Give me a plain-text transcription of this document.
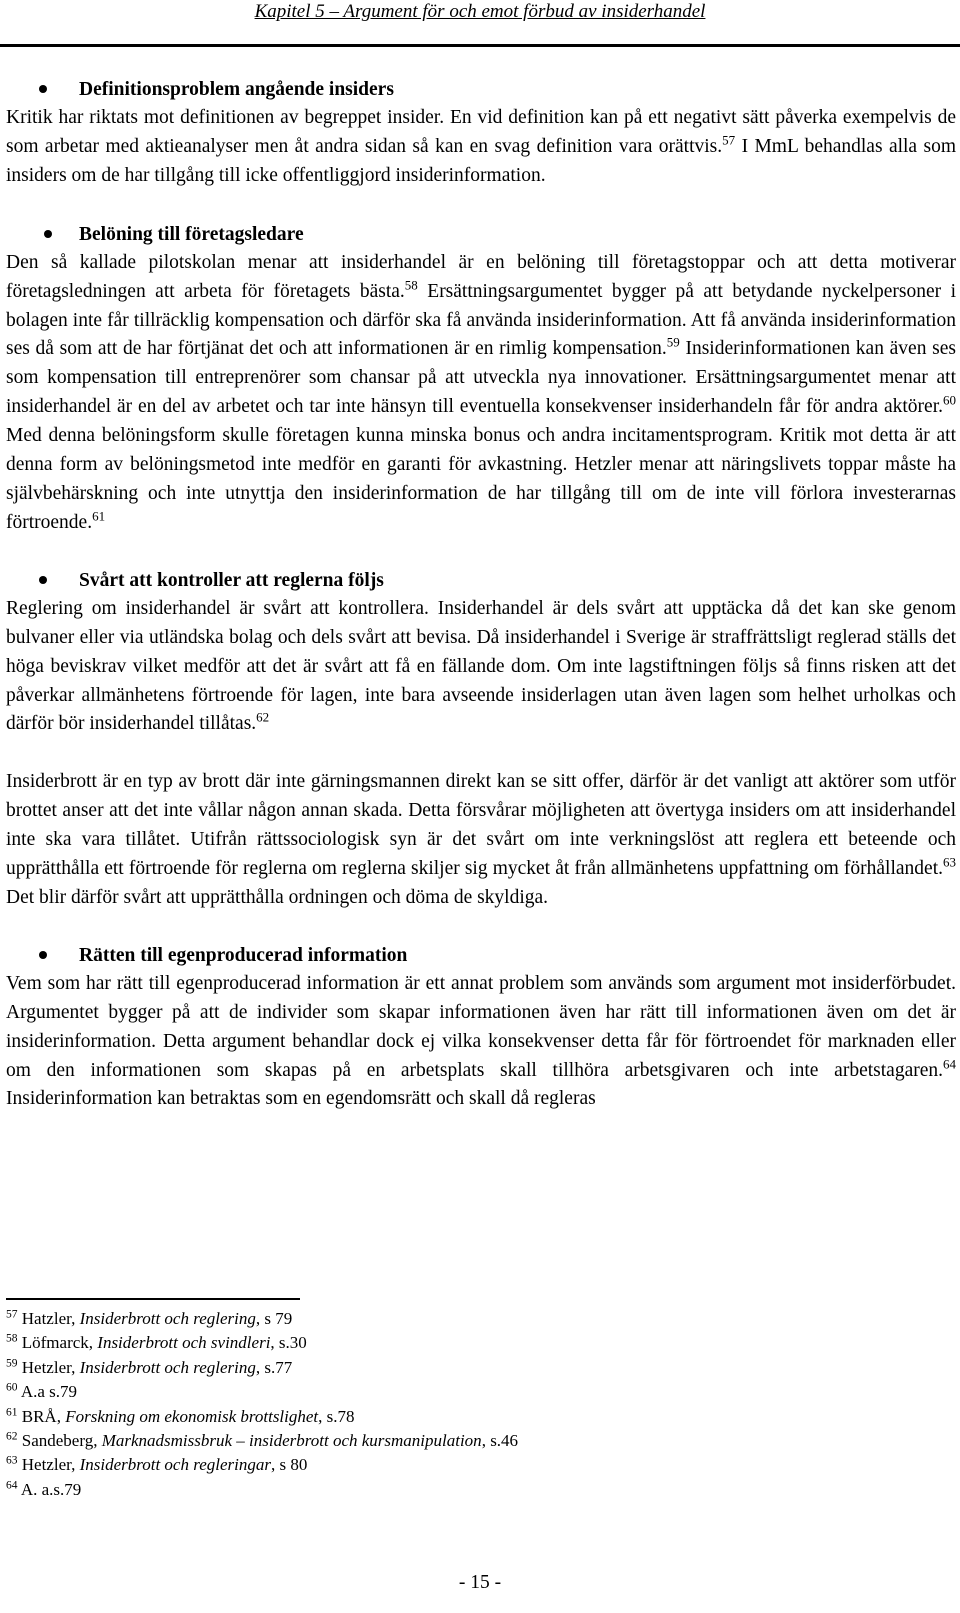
Kapitel 5 – Argument för och emot förbud av insiderhandel
Definitionsproblem angående insiders

Kritik har riktats mot definitionen av begreppet insider. En vid definition kan på ett negativt sätt påverka exempelvis de som arbetar med aktieanalyser men åt andra sidan så kan en svag definition vara orättvis.$^{57}$ I MmL behandlas alla som insiders om de har tillgång till icke offentliggjord insiderinformation.

Belöning till företagsledare

Den så kallade pilotskolan menar att insiderhandel är en belöning till företagstoppar och att detta motiverar företagsledningen att arbeta för företagets bästa.$^{58}$ Ersättningsargumentet bygger på att betydande nyckelpersoner i bolagen inte får tillräcklig kompensation och därför ska få använda insiderinformation. Att få använda insiderinformation ses då som att de har förtjänat det och att informationen är en rimlig kompensation.$^{59}$ Insiderinformationen kan även ses som kompensation till entreprenörer som chansar på att utveckla nya innovationer. Ersättningsargumentet menar att insiderhandel är en del av arbetet och tar inte hänsyn till eventuella konsekvenser insiderhandeln får för andra aktörer.$^{60}$ Med denna belöningsform skulle företagen kunna minska bonus och andra incitamentsprogram. Kritik mot detta är att denna form av belöningsmetod inte medför en garanti för avkastning. Hetzler menar att näringslivets toppar måste ha självbehärskning och inte utnyttja den insiderinformation de har tillgång till om de inte vill förlora investerarnas förtroende.$^{61}$

Svårt att kontroller att reglerna följs

Reglering om insiderhandel är svårt att kontrollera. Insiderhandel är dels svårt att upptäcka då det kan ske genom bulvaner eller via utländska bolag och dels svårt att bevisa. Då insiderhandel i Sverige är straffrättsligt reglerad ställs det höga beviskrav vilket medför att det är svårt att få en fällande dom. Om inte lagstiftningen följs så finns risken att det påverkar allmänhetens förtroende för lagen, inte bara avseende insiderlagen utan även lagen som helhet urholkas och därför bör insiderhandel tillåtas.$^{62}$

Insiderbrott är en typ av brott där inte gärningsmannen direkt kan se sitt offer, därför är det vanligt att aktörer som utför brottet anser att det inte vållar någon annan skada. Detta försvårar möjligheten att övertyga insiders om att insiderhandel inte ska vara tillåtet. Utifrån rättssociologisk syn är det svårt om inte verkningslöst att reglera ett beteende och upprätthålla ett förtroende för reglerna om reglerna skiljer sig mycket åt från allmänhetens uppfattning om förhållandet.$^{63}$ Det blir därför svårt att upprätthålla ordningen och döma de skyldiga.

Rätten till egenproducerad information

Vem som har rätt till egenproducerad information är ett annat problem som används som argument mot insiderförbudet. Argumentet bygger på att de individer som skapar informationen även har rätt till informationen även om det är insiderinformation. Detta argument behandlar dock ej vilka konsekvenser detta får för förtroendet för marknaden eller om den informationen som skapas på en arbetsplats skall tillhöra arbetsgivaren och inte arbetstagaren.$^{64}$ Insiderinformation kan betraktas som en egendomsrätt och skall då regleras

$^{57}$ Hatzler, Insiderbrott och reglering, s 79
$^{58}$ Löfmarck, Insiderbrott och svindleri, s.30
$^{59}$ Hetzler, Insiderbrott och reglering, s.77
$^{60}$ A.a s.79
$^{61}$ BRÅ, Forskning om ekonomisk brottslighet, s.78
$^{62}$ Sandeberg, Marknadsmissbruk – insiderbrott och kursmanipulation, s.46
$^{63}$ Hetzler, Insiderbrott och regleringar, s 80
$^{64}$ A. a.s.79
- 15 -
